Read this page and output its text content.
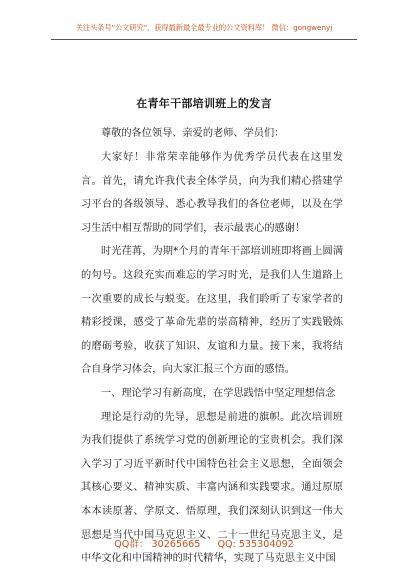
关注头条号"公文研究"，获得最新最全最专业的公文资料库！ 微信：gongwenyj
在青年干部培训班上的发言
尊敬的各位领导、亲爱的老师、学员们：

大家好！非常荣幸能够作为优秀学员代表在这里发言。首先，请允许我代表全体学员，向为我们精心搭建学习平台的各级领导、悉心教导我们的各位老师，以及在学习生活中相互帮助的同学们，表示最衷心的感谢！

时光荏苒，为期*个月的青年干部培训班即将画上圆满的句号。这段充实而难忘的学习时光，是我们人生道路上一次重要的成长与蜕变。在这里，我们聆听了专家学者的精彩授课，感受了革命先辈的崇高精神，经历了实践锻炼的磨砺考验，收获了知识、友谊和力量。接下来，我将结合自身学习体会，向大家汇报三个方面的感悟。

一、理论学习有新高度，在学思践悟中坚定理想信念

理论是行动的先导，思想是前进的旗帜。此次培训班为我们提供了系统学习党的创新理论的宝贵机会。我们深入学习了习近平新时代中国特色社会主义思想，全面领会其核心要义、精神实质、丰富内涵和实践要求。通过原原本本读原著、学原文、悟原理，我们深刻认识到这一伟大思想是当代中国马克思主义、二十一世纪马克思主义，是中华文化和中国精神的时代精华，实现了马克思主义中国

QQ群： 30265665 QQ: 535304092
